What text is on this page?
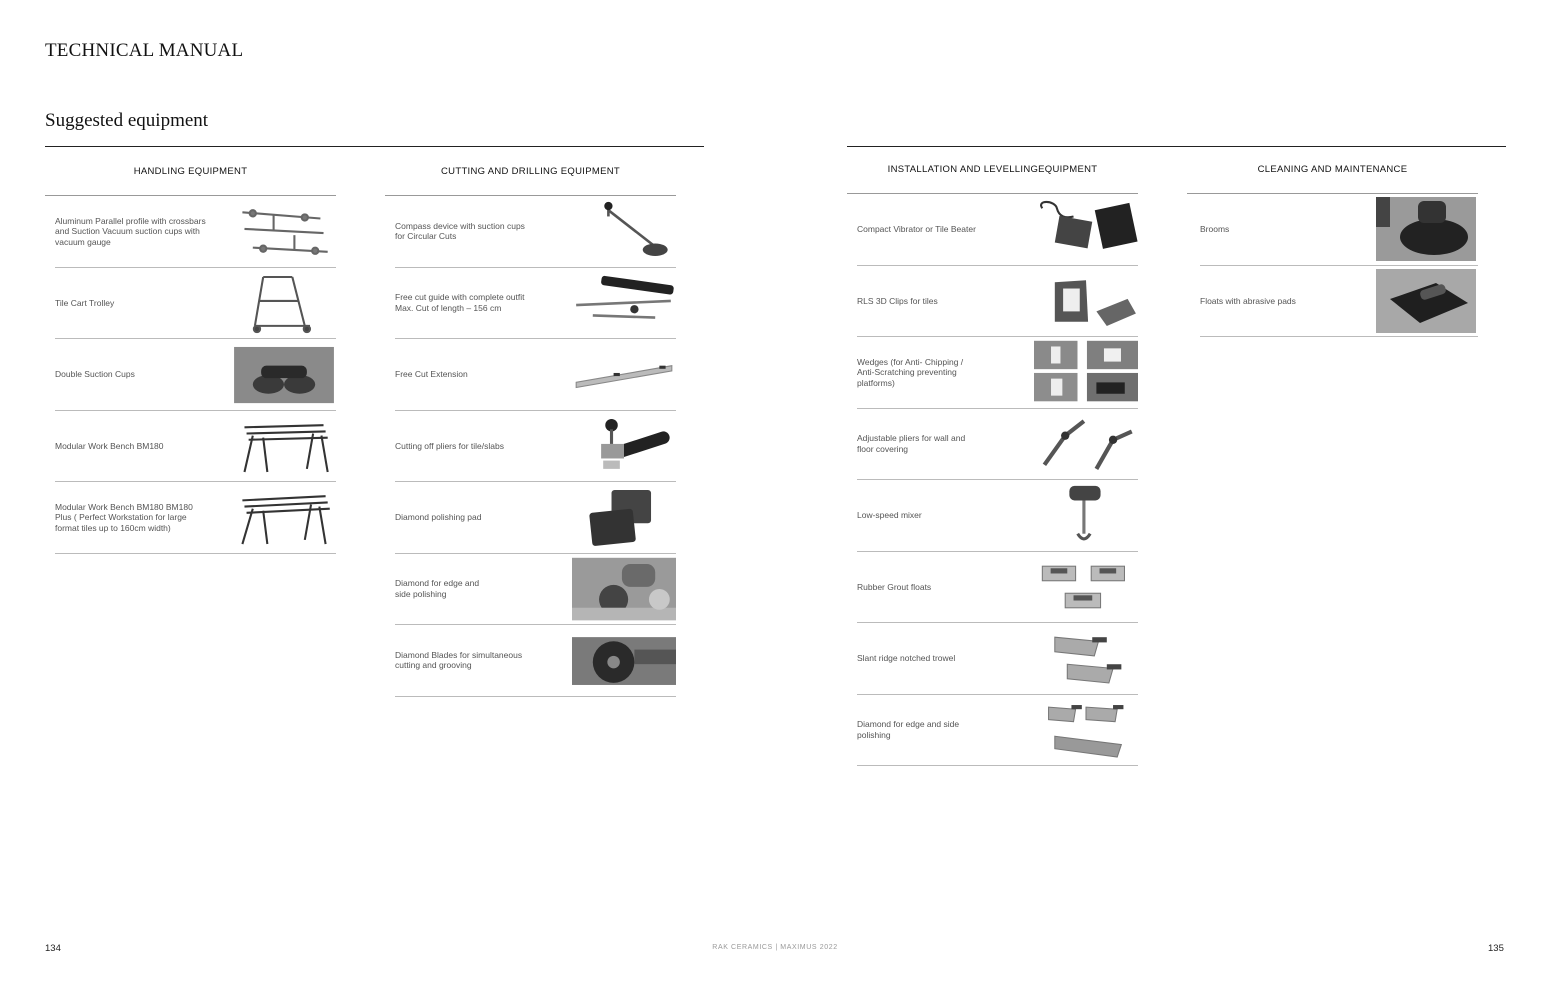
TECHNICAL MANUAL
Suggested equipment
HANDLING EQUIPMENT
Aluminum Parallel profile with crossbars
and Suction Vacuum suction cups with
vacuum gauge
Tile Cart Trolley
Double Suction Cups
Modular Work Bench BM180
Modular Work Bench BM180 BM180
Plus ( Perfect Workstation for large
format tiles up to 160cm width)
CUTTING AND DRILLING EQUIPMENT
Compass device with suction cups
for Circular Cuts
Free cut guide with complete outfit
Max. Cut of length – 156 cm
Free Cut Extension
Cutting off pliers for tile/slabs
Diamond polishing pad
Diamond for edge and
side polishing
Diamond Blades for simultaneous
cutting and grooving
INSTALLATION AND LEVELLINGEQUIPMENT
Compact Vibrator or Tile Beater
RLS 3D Clips for tiles
Wedges (for Anti- Chipping /
Anti-Scratching preventing
platforms)
Adjustable pliers for wall and
floor covering
Low-speed mixer
Rubber Grout floats
Slant ridge notched trowel
Diamond for edge and side
polishing
CLEANING AND MAINTENANCE
Brooms
Floats with abrasive pads
134	RAK CERAMICS | MAXIMUS 2022	135
